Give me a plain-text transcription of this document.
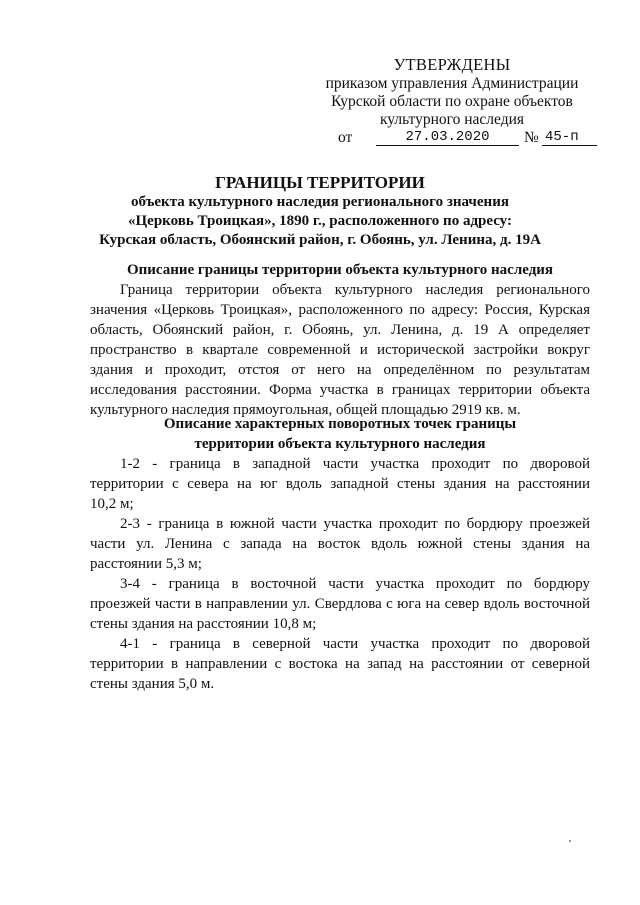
УТВЕРЖДЕНЫ
приказом управления Администрации
Курской области по охране объектов
культурного наследия
от	27.03.2020	№ 45-п
ГРАНИЦЫ ТЕРРИТОРИИ
объекта культурного наследия регионального значения
«Церковь Троицкая», 1890 г., расположенного по адресу:
Курская область, Обоянский район, г. Обоянь, ул. Ленина, д. 19А
Описание границы территории объекта культурного наследия
Граница территории объекта культурного наследия регионального
значения «Церковь Троицкая», расположенного по адресу: Россия, Курская
область, Обоянский район, г. Обоянь, ул. Ленина, д. 19 А определяет
пространство в квартале современной и исторической застройки вокруг
здания и проходит, отстоя от него на определённом по результатам
исследования расстоянии. Форма участка в границах территории объекта
культурного наследия прямоугольная, общей площадью 2919 кв. м.
Описание характерных поворотных точек границы
территории объекта культурного наследия
1-2 - граница в западной части участка проходит по дворовой
территории с севера на юг вдоль западной стены здания на расстоянии
10,2 м;
2-3 - граница в южной части участка проходит по бордюру проезжей
части ул. Ленина с запада на восток вдоль южной стены здания на
расстоянии 5,3 м;
3-4 - граница в восточной части участка проходит по бордюру
проезжей части в направлении ул. Свердлова с юга на север вдоль восточной
стены здания на расстоянии 10,8 м;
4-1 - граница в северной части участка проходит по дворовой
территории в направлении с востока на запад на расстоянии от северной
стены здания 5,0 м.
